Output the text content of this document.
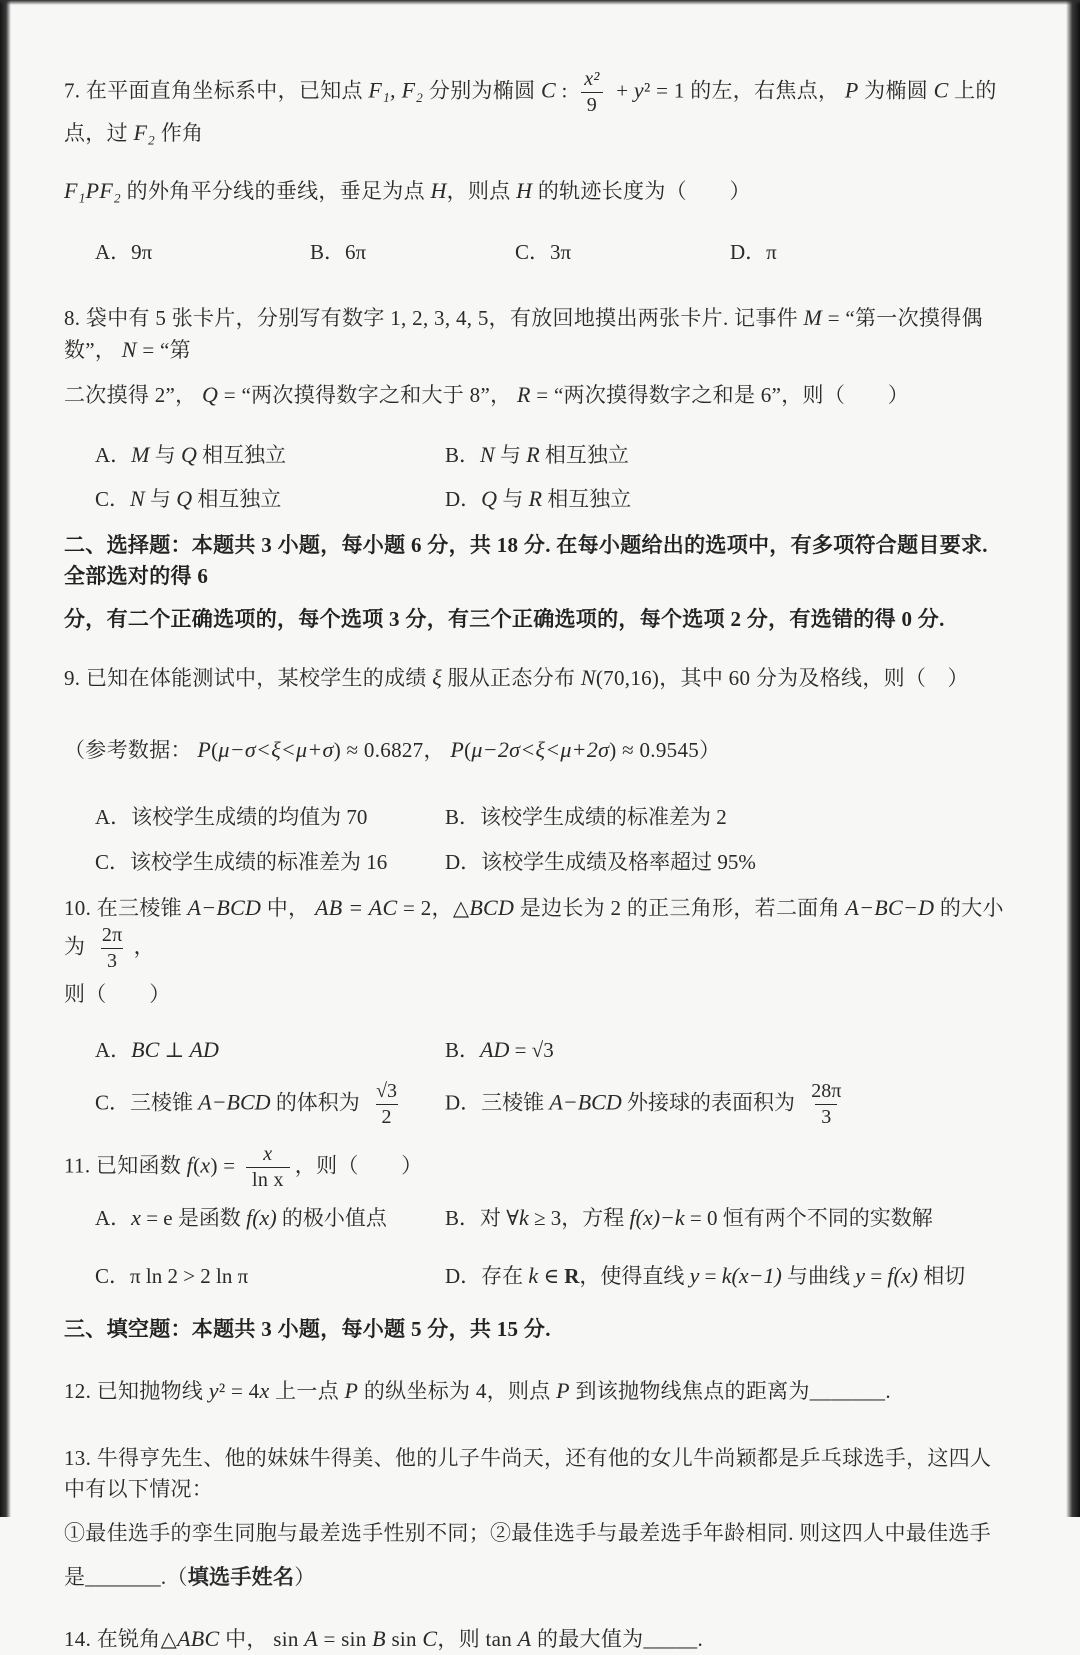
7. 在平面直角坐标系中，已知点 F₁, F₂ 分别为椭圆 C : $\frac{\text{x²}}{9} + y^2 = 1$ 的左，右焦点， P 为椭圆 C 上的点，过 F₂ 作角
F₁PF₂ 的外角平分线的垂线，垂足为点 H，则点 H 的轨迹长度为（　　）
A．9π	B．6π	C．3π	D．π
8. 袋中有 5 张卡片，分别写有数字 1, 2, 3, 4, 5，有放回地摸出两张卡片. 记事件 M = “第一次摸得偶数”， N = “第
二次摸得 2”， Q = “两次摸得数字之和大于 8”， R = “两次摸得数字之和是 6”，则（　　）
A．M 与 Q 相互独立	B．N 与 R 相互独立
C．N 与 Q 相互独立	D．Q 与 R 相互独立
二、选择题：本题共 3 小题，每小题 6 分，共 18 分. 在每小题给出的选项中，有多项符合题目要求.全部选对的得 6
分，有二个正确选项的，每个选项 3 分，有三个正确选项的，每个选项 2 分，有选错的得 0 分.
9. 已知在体能测试中，某校学生的成绩 ξ 服从正态分布 N(70,16)，其中 60 分为及格线，则（　）
（参考数据： P(μ−σ<ξ<μ+σ) ≈ 0.6827， P(μ−2σ<ξ<μ+2σ) ≈ 0.9545）
A．该校学生成绩的均值为 70	B．该校学生成绩的标准差为 2
C．该校学生成绩的标准差为 16	D．该校学生成绩及格率超过 95%
10. 在三棱锥 A−BCD 中， AB = AC = 2，△BCD 是边长为 2 的正三角形，若二面角 A−BC−D 的大小为 $\frac{2\pi}{3}$ ，
则（　　）
A．BC ⊥ AD	B．AD = √3
C．三棱锥 A−BCD 的体积为 $\frac{√3}{2}$ D．三棱锥 A−BCD 外接球的表面积为 $\frac{28\pi}{3}$
11. 已知函数 $f(x) = \frac{x}{\text{ln x}}$ ，则（　　）
A．x = e 是函数 f(x) 的极小值点	B．对 ∀k ≥ 3，方程 f(x)−k = 0 恒有两个不同的实数解
C．π ln 2 > 2 ln π	D．存在 k ∈ R，使得直线 y = k(x−1) 与曲线 y = f(x) 相切
三、填空题：本题共 3 小题，每小题 5 分，共 15 分.
12. 已知抛物线 y² = 4x 上一点 P 的纵坐标为 4，则点 P 到该抛物线焦点的距离为_______.
13. 牛得亨先生、他的妹妹牛得美、他的儿子牛尚天，还有他的女儿牛尚颖都是乒乓球选手，这四人中有以下情况：
①最佳选手的孪生同胞与最差选手性别不同；②最佳选手与最差选手年龄相同. 则这四人中最佳选手
是_______.（填选手姓名）
14. 在锐角△ABC 中， sin A = sin B sin C，则 tan A 的最大值为_____.
